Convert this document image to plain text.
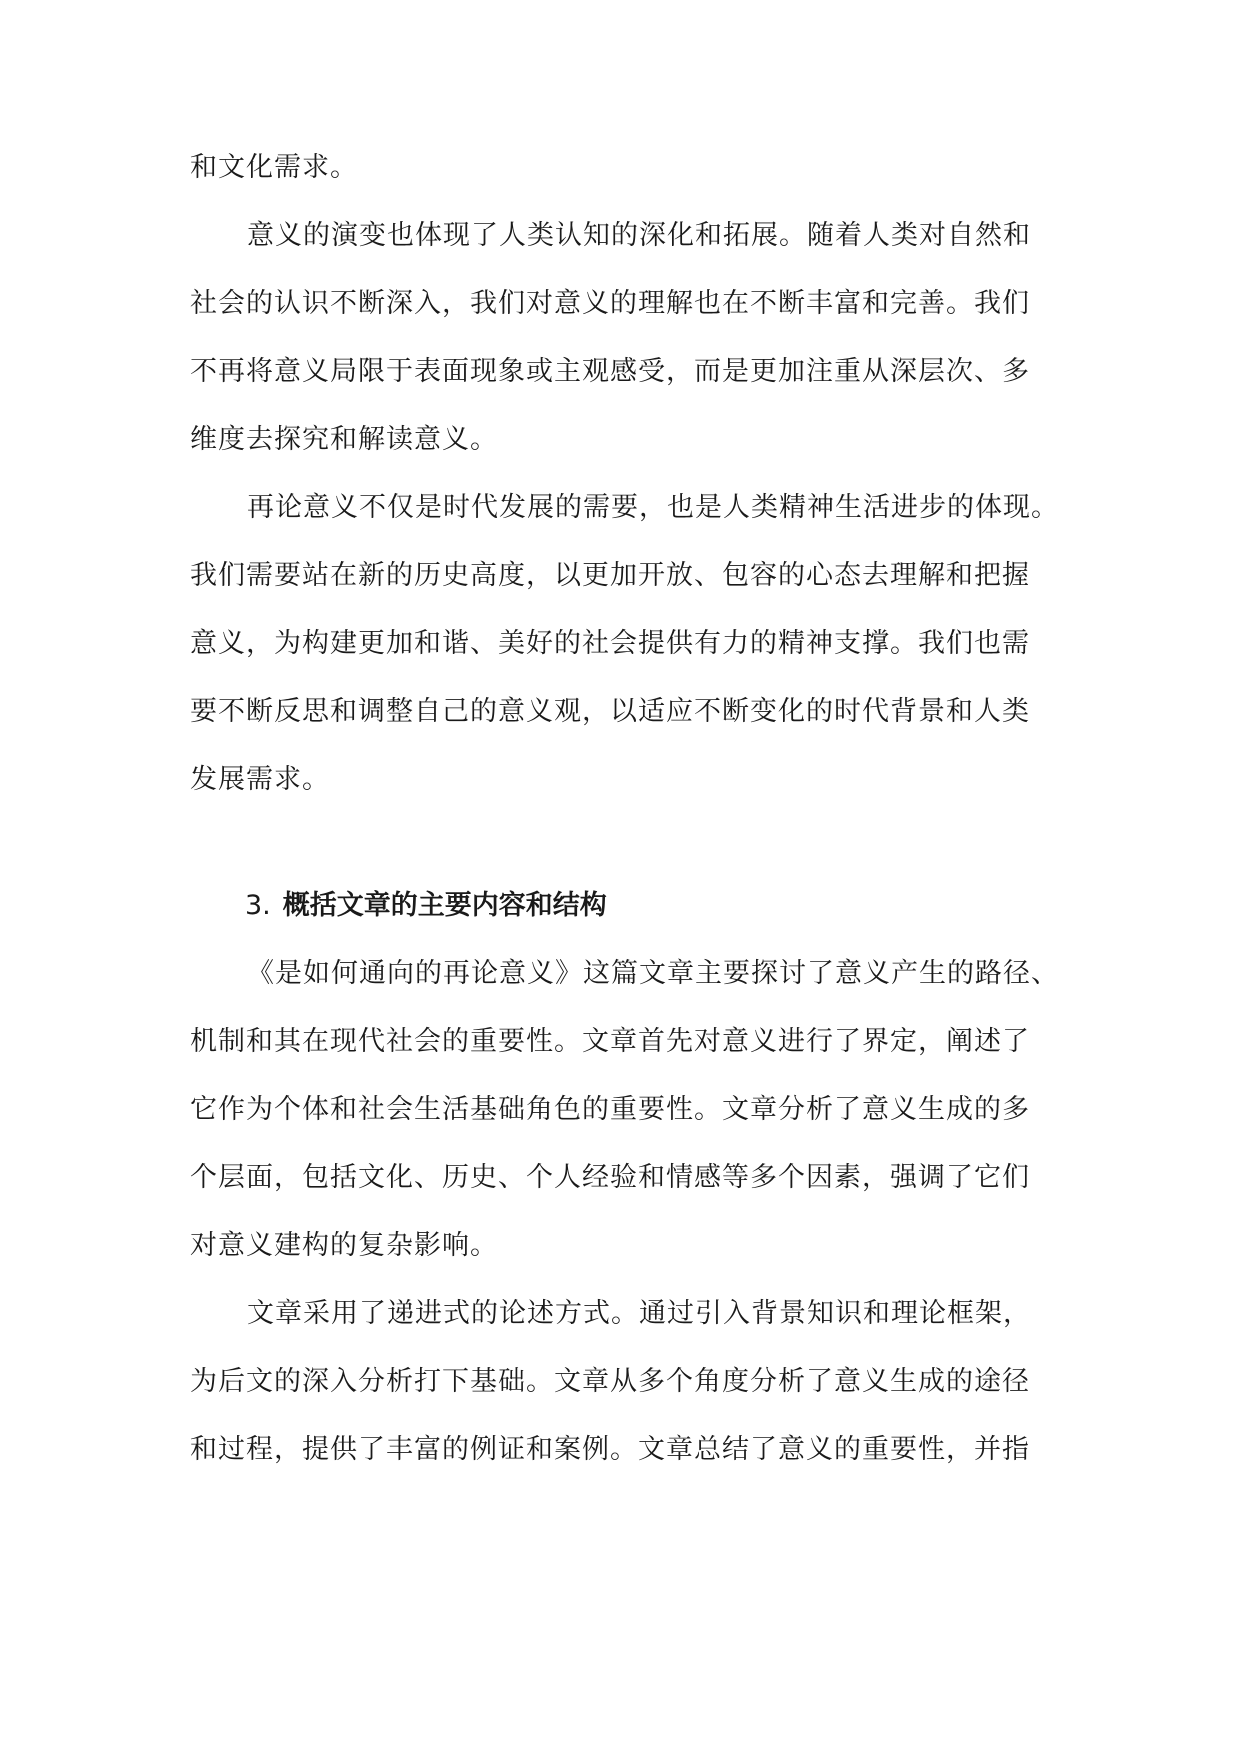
和文化需求。
意义的演变也体现了人类认知的深化和拓展。随着人类对自然和
社会的认识不断深入，我们对意义的理解也在不断丰富和完善。我们
不再将意义局限于表面现象或主观感受，而是更加注重从深层次、多
维度去探究和解读意义。
再论意义不仅是时代发展的需要，也是人类精神生活进步的体现。
我们需要站在新的历史高度，以更加开放、包容的心态去理解和把握
意义，为构建更加和谐、美好的社会提供有力的精神支撑。我们也需
要不断反思和调整自己的意义观，以适应不断变化的时代背景和人类
发展需求。
3. 概括文章的主要内容和结构
《是如何通向的再论意义》这篇文章主要探讨了意义产生的路径、
机制和其在现代社会的重要性。文章首先对意义进行了界定，阐述了
它作为个体和社会生活基础角色的重要性。文章分析了意义生成的多
个层面，包括文化、历史、个人经验和情感等多个因素，强调了它们
对意义建构的复杂影响。
文章采用了递进式的论述方式。通过引入背景知识和理论框架，
为后文的深入分析打下基础。文章从多个角度分析了意义生成的途径
和过程，提供了丰富的例证和案例。文章总结了意义的重要性，并指
